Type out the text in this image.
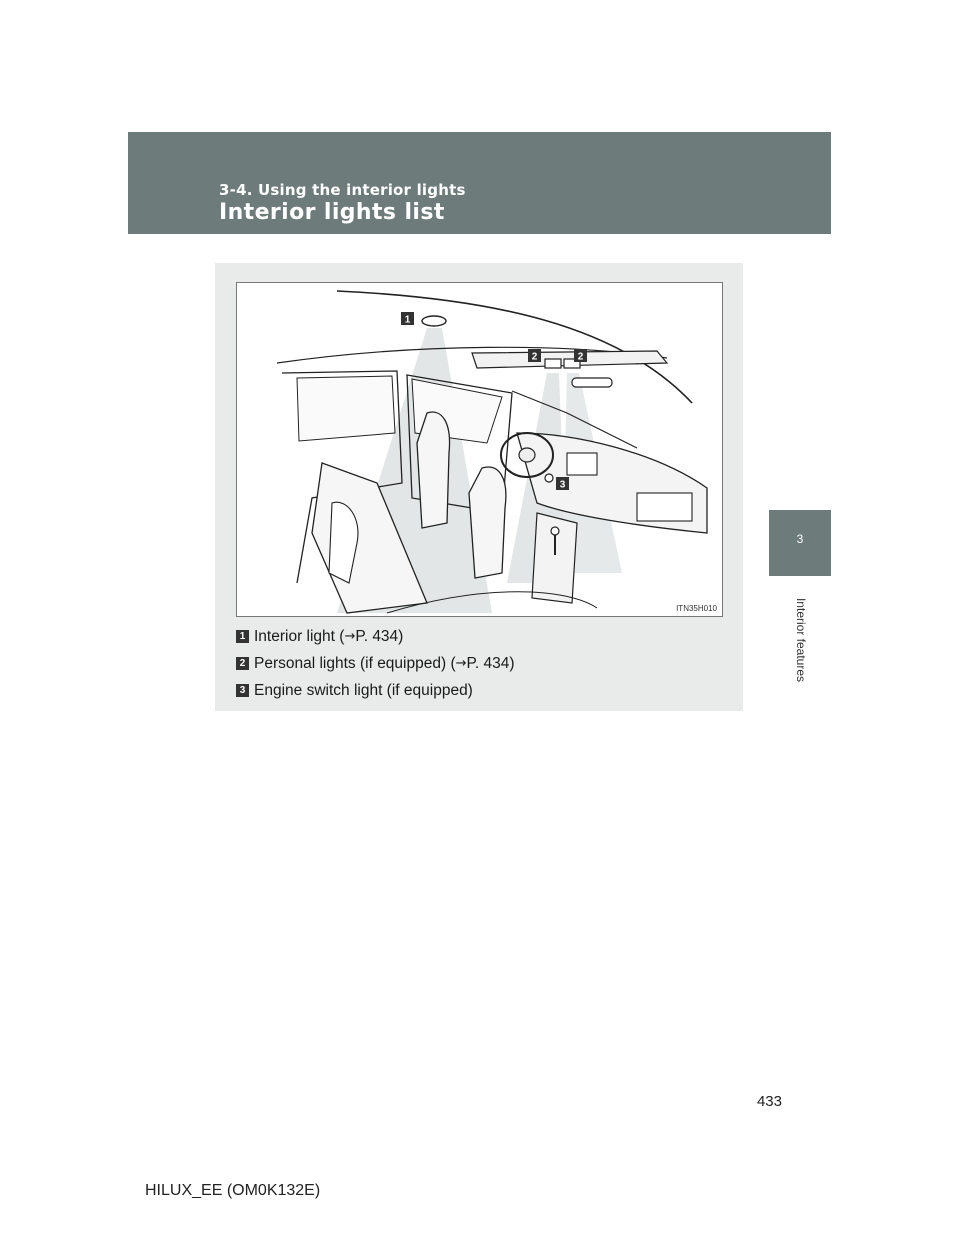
3-4. Using the interior lights
Interior lights list
3
Interior features
1
2	2
3
ITN35H010
1 Interior light ( → P. 434)
2 Personal lights (if equipped) ( → P. 434)
3 Engine switch light (if equipped)
433
HILUX_EE (OM0K132E)
